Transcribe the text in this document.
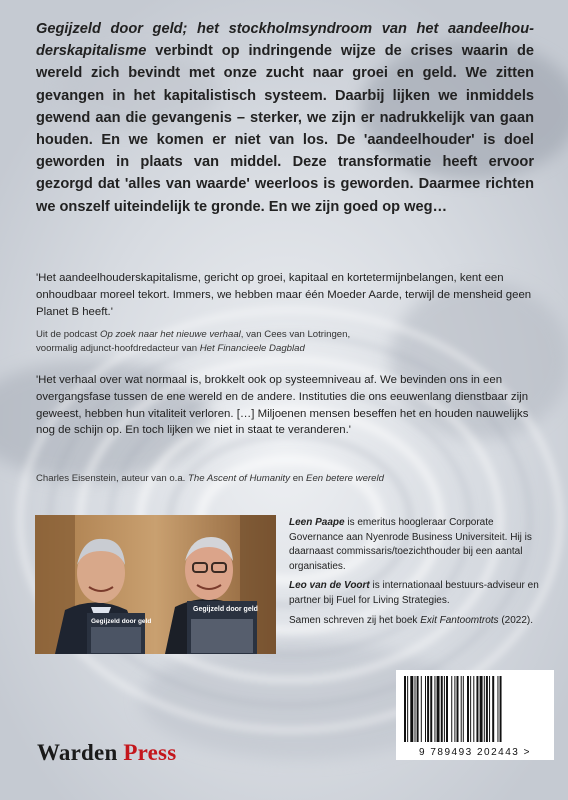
Gegijzeld door geld; het stockholmsyndroom van het aandeelhou-derskapitalisme verbindt op indringende wijze de crises waarin de wereld zich bevindt met onze zucht naar groei en geld. We zitten gevangen in het kapitalistisch systeem. Daarbij lijken we inmiddels gewend aan die gevangenis – sterker, we zijn er nadrukkelijk van gaan houden. En we komen er niet van los. De 'aandeelhouder' is doel geworden in plaats van middel. Deze transformatie heeft ervoor gezorgd dat 'alles van waarde' weerloos is geworden. Daarmee richten we onszelf uiteindelijk te gronde. En we zijn goed op weg…
'Het aandeelhouderskapitalisme, gericht op groei, kapitaal en kortetermijnbelangen, kent een onhoudbaar moreel tekort. Immers, we hebben maar één Moeder Aarde, terwijl de mensheid geen Planet B heeft.'
Uit de podcast Op zoek naar het nieuwe verhaal, van Cees van Lotringen,
voormalig adjunct-hoofdredacteur van Het Financieele Dagblad
'Het verhaal over wat normaal is, brokkelt ook op systeemniveau af. We bevinden ons in een overgangsfase tussen de ene wereld en de andere. Instituties die ons eeuwenlang dienstbaar zijn geweest, hebben hun vitaliteit verloren. […] Miljoenen mensen beseffen het en houden nauwelijks nog de schijn op. En toch lijken we niet in staat te veranderen.'
Charles Eisenstein, auteur van o.a. The Ascent of Humanity en Een betere wereld
Gegijzeld door geld
Gegijzeld door geld

Leen Paape is emeritus hoogleraar Corporate Governance aan Nyenrode Business Universiteit. Hij is daarnaast commissaris/toezichthouder bij een aantal organisaties.

Leo van de Voort is internationaal bestuurs-adviseur en partner bij Fuel for Living Strategies.

Samen schreven zij het boek Exit Fantoomtrots (2022).

9 789493 202443 >
Warden Press
